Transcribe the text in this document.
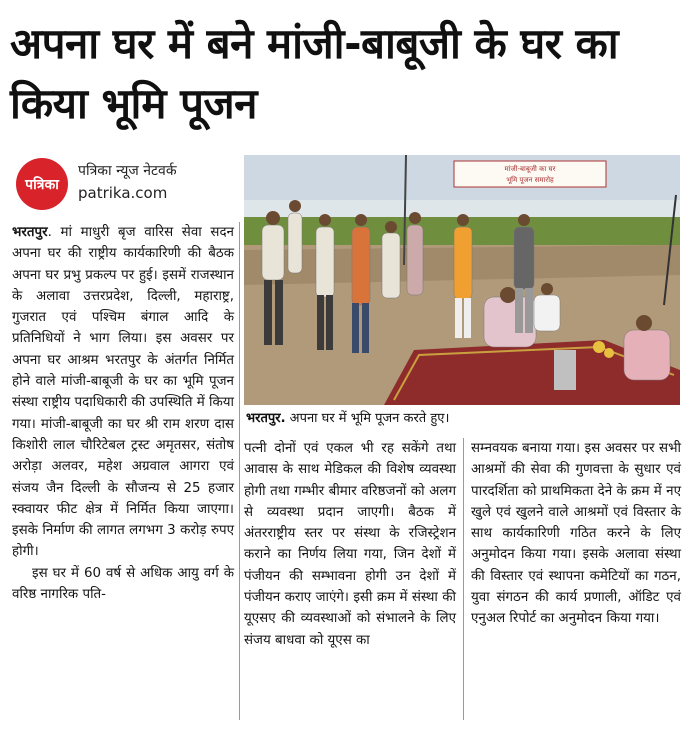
अपना घर में बने मांजी-बाबूजी के घर का किया भूमि पूजन
पत्रिका
पत्रिका न्यूज नेटवर्क
patrika.com

भरतपुर. मां माधुरी बृज वारिस सेवा सदन अपना घर की राष्ट्रीय कार्यकारिणी की बैठक अपना घर प्रभु प्रकल्प पर हुई। इसमें राजस्थान के अलावा उत्तरप्रदेश, दिल्ली, महाराष्ट्र, गुजरात एवं पश्चिम बंगाल आदि के प्रतिनिधियों ने भाग लिया। इस अवसर पर अपना घर आश्रम भरतपुर के अंतर्गत निर्मित होने वाले मांजी-बाबूजी के घर का भूमि पूजन संस्था राष्ट्रीय पदाधिकारी की उपस्थिति में किया गया। मांजी-बाबूजी का घर श्री राम शरण दास किशोरी लाल चौरिटेबल ट्रस्ट अमृतसर, संतोष अरोड़ा अलवर, महेश अग्रवाल आगरा एवं संजय जैन दिल्ली के सौजन्य से 25 हजार स्क्वायर फीट क्षेत्र में निर्मित किया जाएगा। इसके निर्माण की लागत लगभग 3 करोड़ रुपए होगी।

इस घर में 60 वर्ष से अधिक आयु वर्ग के वरिष्ठ नागरिक पति-

मांजी-बाबूजी का घर
भूमि पूजन समारोह
भरतपुर. अपना घर में भूमि पूजन करते हुए।

पत्नी दोनों एवं एकल भी रह सकेंगे तथा आवास के साथ मेडिकल की विशेष व्यवस्था होगी तथा गम्भीर बीमार वरिष्ठजनों को अलग से व्यवस्था प्रदान जाएगी। बैठक में अंतरराष्ट्रीय स्तर पर संस्था के रजिस्ट्रेशन कराने का निर्णय लिया गया, जिन देशों में पंजीयन की सम्भावना होगी उन देशों में पंजीयन कराए जाएंगे। इसी क्रम में संस्था की यूएसए की व्यवस्थाओं को संभालने के लिए संजय बाधवा को यूएस का

सम्नवयक बनाया गया। इस अवसर पर सभी आश्रमों की सेवा की गुणवत्ता के सुधार एवं पारदर्शिता को प्राथमिकता देने के क्रम में नए खुले एवं खुलने वाले आश्रमों एवं विस्तार के साथ कार्यकारिणी गठित करने के लिए अनुमोदन किया गया। इसके अलावा संस्था की विस्तार एवं स्थापना कमेटियों का गठन, युवा संगठन की कार्य प्रणाली, ऑडिट एवं एनुअल रिपोर्ट का अनुमोदन किया गया।
